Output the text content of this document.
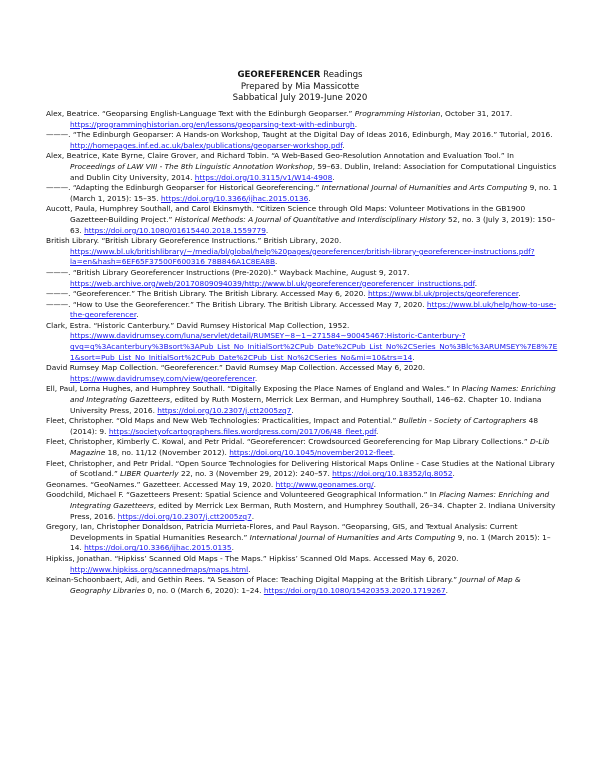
GEOREFERENCER Readings
Prepared by Mia Massicotte
Sabbatical July 2019-June 2020

Alex, Beatrice. “Geoparsing English-Language Text with the Edinburgh Geoparser.” Programming Historian, October 31, 2017. https://programminghistorian.org/en/lessons/geoparsing-text-with-edinburgh.

———. “The Edinburgh Geoparser: A Hands-on Workshop, Taught at the Digital Day of Ideas 2016, Edinburgh, May 2016.” Tutorial, 2016. http://homepages.inf.ed.ac.uk/balex/publications/geoparser-workshop.pdf.

Alex, Beatrice, Kate Byrne, Claire Grover, and Richard Tobin. “A Web-Based Geo-Resolution Annotation and Evaluation Tool.” In Proceedings of LAW VIII - The 8th Linguistic Annotation Workshop, 59–63. Dublin, Ireland: Association for Computational Linguistics and Dublin City University, 2014. https://doi.org/10.3115/v1/W14-4908.

———. “Adapting the Edinburgh Geoparser for Historical Georeferencing.” International Journal of Humanities and Arts Computing 9, no. 1 (March 1, 2015): 15–35. https://doi.org/10.3366/ijhac.2015.0136.

Aucott, Paula, Humphrey Southall, and Carol Ekinsmyth. “Citizen Science through Old Maps: Volunteer Motivations in the GB1900 Gazetteer-Building Project.” Historical Methods: A Journal of Quantitative and Interdisciplinary History 52, no. 3 (July 3, 2019): 150–63. https://doi.org/10.1080/01615440.2018.1559779.

British Library. “British Library Georeference Instructions.” British Library, 2020. https://www.bl.uk/britishlibrary/~/media/bl/global/help%20pages/georeferencer/british-library-georeferencer-instructions.pdf?la=en&hash=6EF65F37500F600316 78B846A1C8EA8B.

———. “British Library Georeferencer Instructions (Pre-2020).” Wayback Machine, August 9, 2017. https://web.archive.org/web/20170809094039/http://www.bl.uk/georeferencer/georeferencer_instructions.pdf.

———. “Georeferencer.” The British Library. The British Library. Accessed May 6, 2020. https://www.bl.uk/projects/georeferencer.

———. “How to Use the Georeferencer.” The British Library. The British Library. Accessed May 7, 2020. https://www.bl.uk/help/how-to-use-the-georeferencer.

Clark, Estra. “Historic Canterbury.” David Rumsey Historical Map Collection, 1952. https://www.davidrumsey.com/luna/servlet/detail/RUMSEY~8~1~271584~90045467:Historic-Canterbury-?qvq=q%3Acanterbury%3Bsort%3APub_List_No_InitialSort%2CPub_Date%2CPub_List_No%2CSeries_No%3Blc%3ARUMSEY%7E8%7E1&sort=Pub_List_No_InitialSort%2CPub_Date%2CPub_List_No%2CSeries_No&mi=10&trs=14.

David Rumsey Map Collection. “Georeferencer.” David Rumsey Map Collection. Accessed May 6, 2020. https://www.davidrumsey.com/view/georeferencer.

Ell, Paul, Lorna Hughes, and Humphrey Southall. “Digitally Exposing the Place Names of England and Wales.” In Placing Names: Enriching and Integrating Gazetteers, edited by Ruth Mostern, Merrick Lex Berman, and Humphrey Southall, 146–62. Chapter 10. Indiana University Press, 2016. https://doi.org/10.2307/j.ctt2005zq7.

Fleet, Christopher. “Old Maps and New Web Technologies: Practicalities, Impact and Potential.” Bulletin - Society of Cartographers 48 (2014): 9. https://societyofcartographers.files.wordpress.com/2017/06/48_fleet.pdf.

Fleet, Christopher, Kimberly C. Kowal, and Petr Pridal. “Georeferencer: Crowdsourced Georeferencing for Map Library Collections.” D-Lib Magazine 18, no. 11/12 (November 2012). https://doi.org/10.1045/november2012-fleet.

Fleet, Christopher, and Petr Pridal. “Open Source Technologies for Delivering Historical Maps Online - Case Studies at the National Library of Scotland.” LIBER Quarterly 22, no. 3 (November 29, 2012): 240–57. https://doi.org/10.18352/lq.8052.

Geonames. “GeoNames.” Gazetteer. Accessed May 19, 2020. http://www.geonames.org/.

Goodchild, Michael F. “Gazetteers Present: Spatial Science and Volunteered Geographical Information.” In Placing Names: Enriching and Integrating Gazetteers, edited by Merrick Lex Berman, Ruth Mostern, and Humphrey Southall, 26–34. Chapter 2. Indiana University Press, 2016. https://doi.org/10.2307/j.ctt2005zq7.

Gregory, Ian, Christopher Donaldson, Patricia Murrieta-Flores, and Paul Rayson. “Geoparsing, GIS, and Textual Analysis: Current Developments in Spatial Humanities Research.” International Journal of Humanities and Arts Computing 9, no. 1 (March 2015): 1–14. https://doi.org/10.3366/ijhac.2015.0135.

Hipkiss, Jonathan. “Hipkiss’ Scanned Old Maps - The Maps.” Hipkiss’ Scanned Old Maps. Accessed May 6, 2020. http://www.hipkiss.org/scannedmaps/maps.html.

Keinan-Schoonbaert, Adi, and Gethin Rees. “A Season of Place: Teaching Digital Mapping at the British Library.” Journal of Map & Geography Libraries 0, no. 0 (March 6, 2020): 1–24. https://doi.org/10.1080/15420353.2020.1719267.
